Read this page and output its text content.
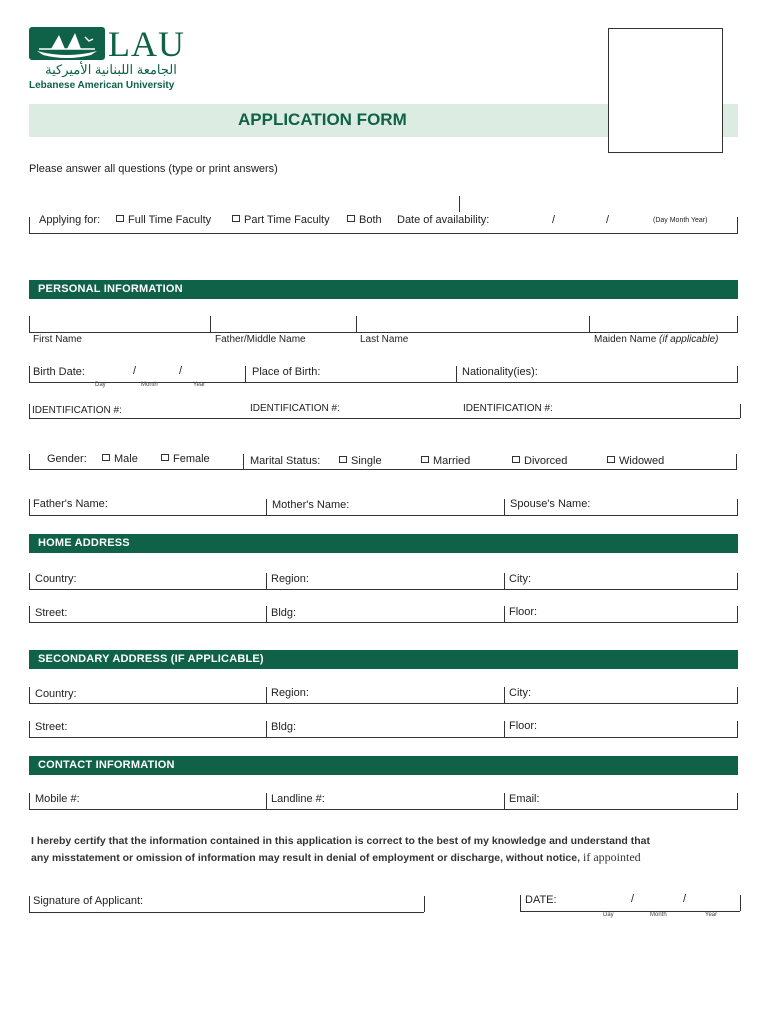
LAU
الجامعة اللبنانية الأميركية
Lebanese American University
APPLICATION FORM
Please answer all questions (type or print answers)
Applying for:	Full Time Faculty	Part Time Faculty	Both Date of availability:	/	/	(Day Month Year)
PERSONAL INFORMATION
First Name	Father/Middle Name	Last Name	Maiden Name (if applicable)
Birth Date:	/	/
Day	Month	Year
Place of Birth:	Nationality(ies):
IDENTIFICATION #:	IDENTIFICATION #:	IDENTIFICATION #:
Gender:	Male	Female	Marital Status:	Single	Married	Divorced	Widowed
Father's Name:	Mother's Name:	Spouse's Name:
HOME ADDRESS
Country:	Region:	City:
Street:	Bldg:	Floor:
SECONDARY ADDRESS (IF APPLICABLE)
Country:	Region:	City:
Street:	Bldg:	Floor:
CONTACT INFORMATION
Mobile #:	Landline #:	Email:
I hereby certify that the information contained in this application is correct to the best of my knowledge and understand that
any misstatement or omission of information may result in denial of employment or discharge, without notice, if appointed
Signature of Applicant:	DATE:	/	/
Day	Month	Year
